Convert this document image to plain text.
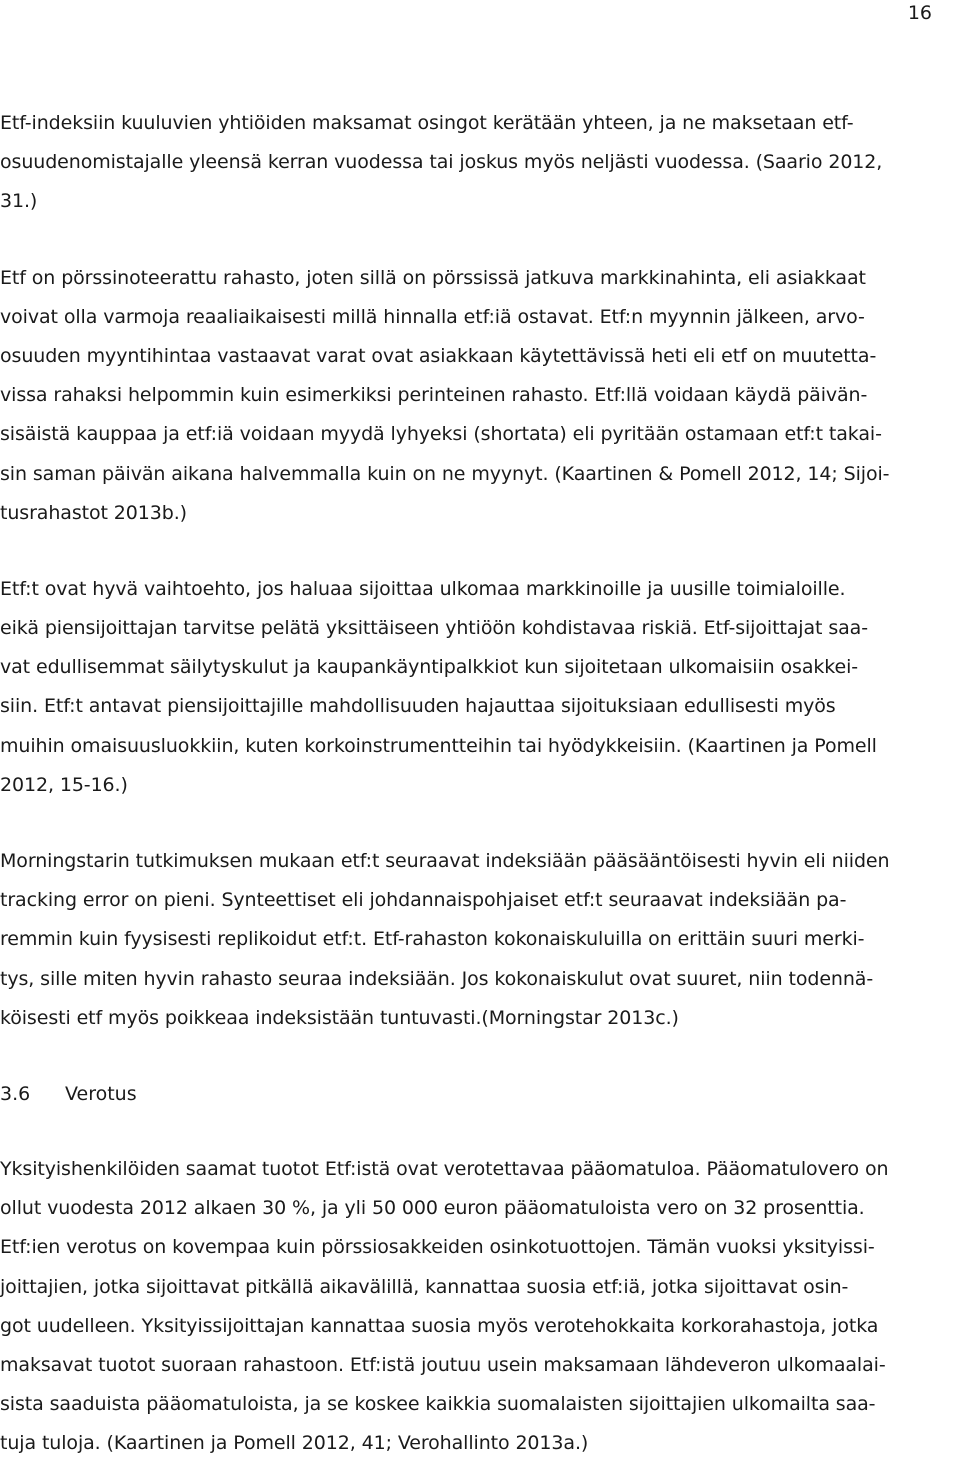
16
Etf-indeksiin kuuluvien yhtiöiden maksamat osingot kerätään yhteen, ja ne maksetaan etf-
osuudenomistajalle yleensä kerran vuodessa tai joskus myös neljästi vuodessa. (Saario 2012,
31.)
Etf on pörssinoteerattu rahasto, joten sillä on pörssissä jatkuva markkinahinta, eli asiakkaat
voivat olla varmoja reaaliaikaisesti millä hinnalla etf:iä ostavat. Etf:n myynnin jälkeen, arvo-
osuuden myyntihintaa vastaavat varat ovat asiakkaan käytettävissä heti eli etf on muutetta-
vissa rahaksi helpommin kuin esimerkiksi perinteinen rahasto. Etf:llä voidaan käydä päivän-
sisäistä kauppaa ja etf:iä voidaan myydä lyhyeksi (shortata) eli pyritään ostamaan etf:t takai-
sin saman päivän aikana halvemmalla kuin on ne myynyt. (Kaartinen & Pomell 2012, 14; Sijoi-
tusrahastot 2013b.)
Etf:t ovat hyvä vaihtoehto, jos haluaa sijoittaa ulkomaa markkinoille ja uusille toimialoille.
eikä piensijoittajan tarvitse pelätä yksittäiseen yhtiöön kohdistavaa riskiä. Etf-sijoittajat saa-
vat edullisemmat säilytyskulut ja kaupankäyntipalkkiot kun sijoitetaan ulkomaisiin osakkei-
siin. Etf:t antavat piensijoittajille mahdollisuuden hajauttaa sijoituksiaan edullisesti myös
muihin omaisuusluokkiin, kuten korkoinstrumentteihin tai hyödykkeisiin. (Kaartinen ja Pomell
2012, 15-16.)
Morningstarin tutkimuksen mukaan etf:t seuraavat indeksiään pääsääntöisesti hyvin eli niiden
tracking error on pieni. Synteettiset eli johdannaispohjaiset etf:t seuraavat indeksiään pa-
remmin kuin fyysisesti replikoidut etf:t. Etf-rahaston kokonaiskuluilla on erittäin suuri merki-
tys, sille miten hyvin rahasto seuraa indeksiään. Jos kokonaiskulut ovat suuret, niin todennä-
köisesti etf myös poikkeaa indeksistään tuntuvasti.(Morningstar 2013c.)
3.6 Verotus
Yksityishenkilöiden saamat tuotot Etf:istä ovat verotettavaa pääomatuloa. Pääomatulovero on
ollut vuodesta 2012 alkaen 30 %, ja yli 50 000 euron pääomatuloista vero on 32 prosenttia.
Etf:ien verotus on kovempaa kuin pörssiosakkeiden osinkotuottojen. Tämän vuoksi yksityissi-
joittajien, jotka sijoittavat pitkällä aikavälillä, kannattaa suosia etf:iä, jotka sijoittavat osin-
got uudelleen. Yksityissijoittajan kannattaa suosia myös verotehokkaita korkorahastoja, jotka
maksavat tuotot suoraan rahastoon. Etf:istä joutuu usein maksamaan lähdeveron ulkomaalai-
sista saaduista pääomatuloista, ja se koskee kaikkia suomalaisten sijoittajien ulkomailta saa-
tuja tuloja. (Kaartinen ja Pomell 2012, 41; Verohallinto 2013a.)
